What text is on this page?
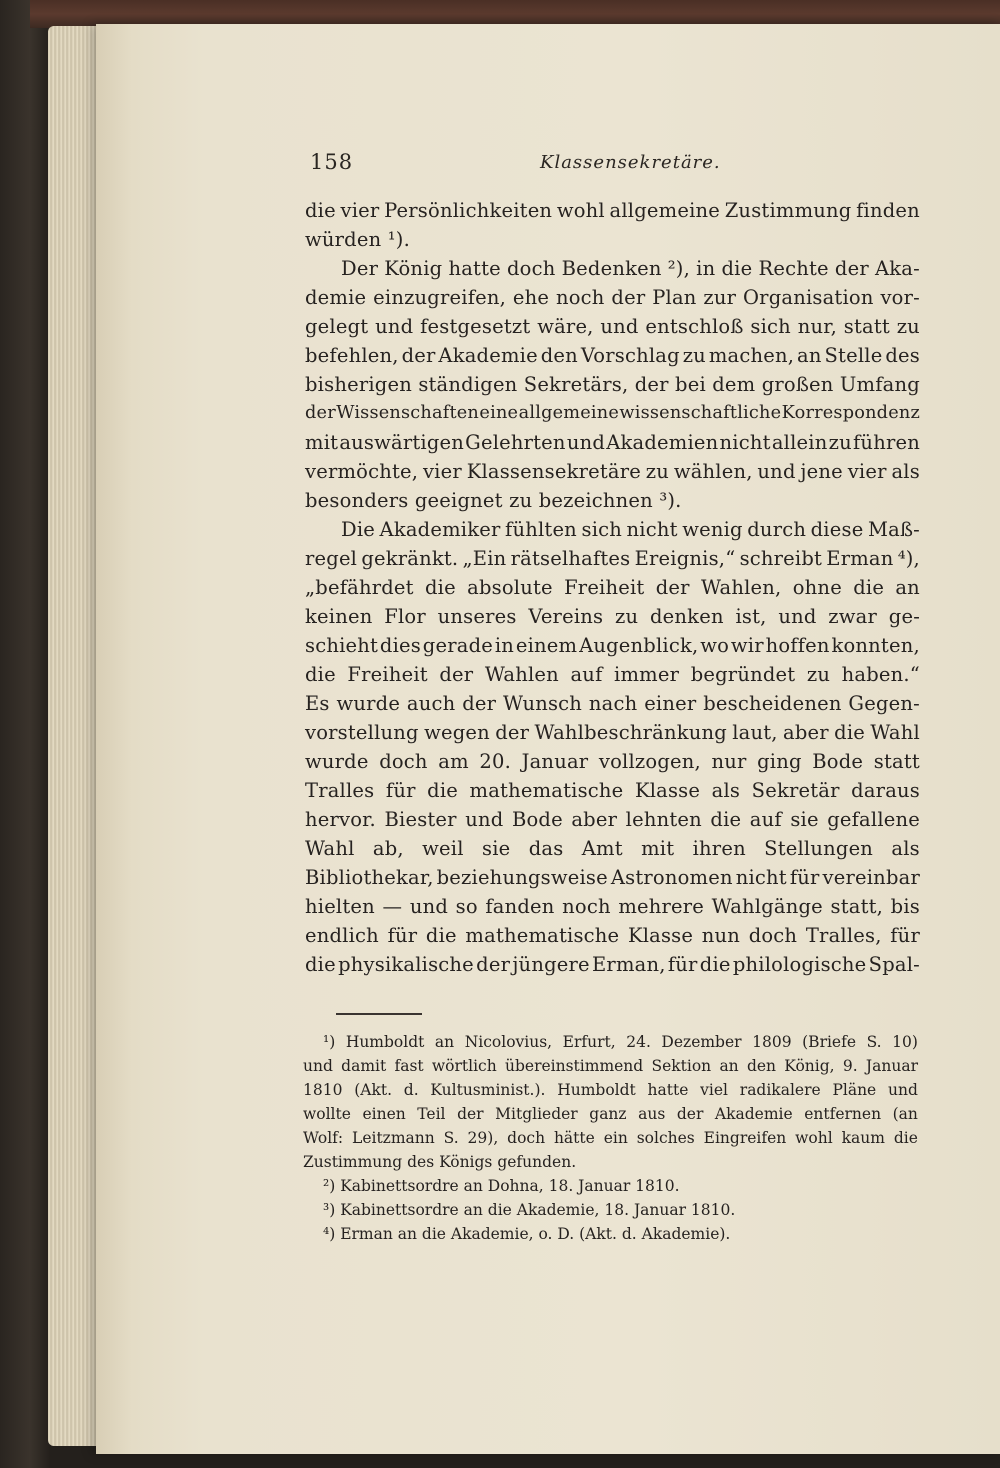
158	Klassensekretäre.
die vier Persönlichkeiten wohl allgemeine Zustimmung finden
würden ¹).
Der König hatte doch Bedenken ²), in die Rechte der Aka-
demie einzugreifen, ehe noch der Plan zur Organisation vor-
gelegt und festgesetzt wäre, und entschloß sich nur, statt zu
befehlen, der Akademie den Vorschlag zu machen, an Stelle des
bisherigen ständigen Sekretärs, der bei dem großen Umfang
der Wissenschaften eine allgemeine wissenschaftliche Korrespondenz
mit auswärtigen Gelehrten und Akademien nicht allein zu führen
vermöchte, vier Klassensekretäre zu wählen, und jene vier als
besonders geeignet zu bezeichnen ³).
Die Akademiker fühlten sich nicht wenig durch diese Maß-
regel gekränkt. „Ein rätselhaftes Ereignis,“ schreibt Erman ⁴),
„befährdet die absolute Freiheit der Wahlen, ohne die an
keinen Flor unseres Vereins zu denken ist, und zwar ge-
schieht dies gerade in einem Augenblick, wo wir hoffen konnten,
die Freiheit der Wahlen auf immer begründet zu haben.“
Es wurde auch der Wunsch nach einer bescheidenen Gegen-
vorstellung wegen der Wahlbeschränkung laut, aber die Wahl
wurde doch am 20. Januar vollzogen, nur ging Bode statt
Tralles für die mathematische Klasse als Sekretär daraus
hervor. Biester und Bode aber lehnten die auf sie gefallene
Wahl ab, weil sie das Amt mit ihren Stellungen als
Bibliothekar, beziehungsweise Astronomen nicht für vereinbar
hielten — und so fanden noch mehrere Wahlgänge statt, bis
endlich für die mathematische Klasse nun doch Tralles, für
die physikalische der jüngere Erman, für die philologische Spal-
¹) Humboldt an Nicolovius, Erfurt, 24. Dezember 1809 (Briefe S. 10)
und damit fast wörtlich übereinstimmend Sektion an den König, 9. Januar
1810 (Akt. d. Kultusminist.). Humboldt hatte viel radikalere Pläne und
wollte einen Teil der Mitglieder ganz aus der Akademie entfernen (an
Wolf: Leitzmann S. 29), doch hätte ein solches Eingreifen wohl kaum die
Zustimmung des Königs gefunden.
²) Kabinettsordre an Dohna, 18. Januar 1810.
³) Kabinettsordre an die Akademie, 18. Januar 1810.
⁴) Erman an die Akademie, o. D. (Akt. d. Akademie).
